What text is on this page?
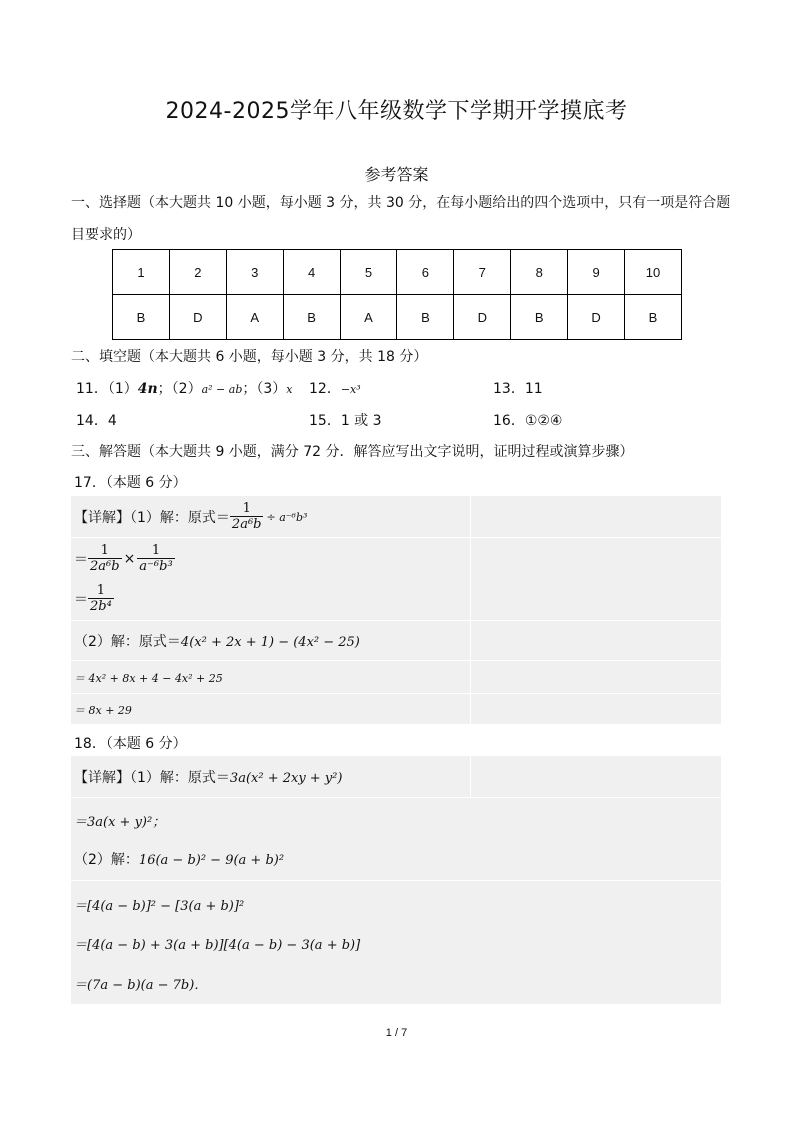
2024-2025学年八年级数学下学期开学摸底考
参考答案
一、选择题（本大题共 10 小题，每小题 3 分，共 30 分，在每小题给出的四个选项中，只有一项是符合题
目要求的）
1	2	3	4	5	6	7	8	9	10
B	D	A	B	A	B	D	B	D	B
二、填空题（本大题共 6 小题，每小题 3 分，共 18 分）
11．（1）4n；（2）a² − ab；（3）x 12．−x³	13．11
14．4	15．1 或 3	16．①②④
三、解答题（本大题共 9 小题，满分 72 分．解答应写出文字说明，证明过程或演算步骤）
17．（本题 6 分）
【详解】（1）解：原式＝ $\frac{1}{\text{2a⁶b}} \div a^{-6}b^3$
＝ $\frac{1}{\text{2a⁶b}} \times \frac{1}{\text{a⁻⁶b³}}$
＝ $\frac{1}{\text{2b⁴}}$
（2）解：原式＝4(x² + 2x + 1) − (4x² − 25)
＝ 4x² + 8x + 4 − 4x² + 25
＝ 8x + 29
18．（本题 6 分）
【详解】（1）解：原式＝3a(x² + 2xy + y²)
＝3a(x + y)²；
（2）解：16(a − b)² − 9(a + b)²
＝[4(a − b)]² − [3(a + b)]²
＝[4(a − b) + 3(a + b)][4(a − b) − 3(a + b)]
＝(7a − b)(a − 7b)．
1 / 7
